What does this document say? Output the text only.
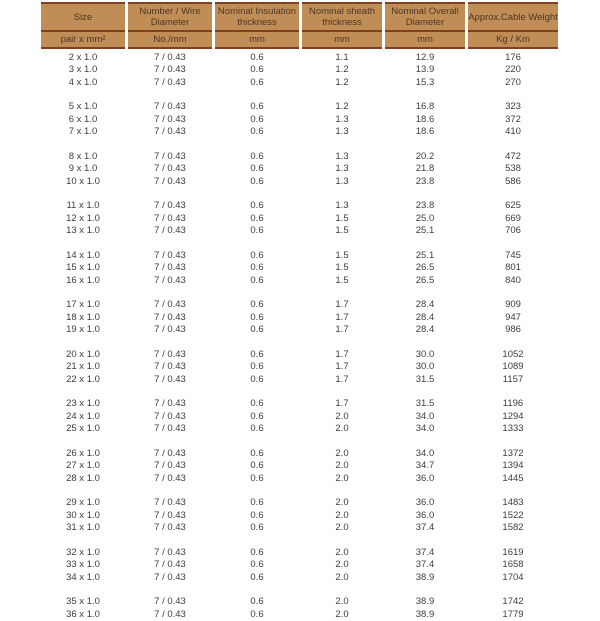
Size	Number / Wire Diameter	Nominal Insulation thickness	Nominal sheath thickness	Nominal Overall Diameter	Approx.Cable Weight
pair x mm²	No./mm	mm	mm	mm	Kg / Km
2 x 1.0	7 / 0.43	0.6	1.1	12.9	176
3 x 1.0	7 / 0.43	0.6	1.2	13.9	220
4 x 1.0	7 / 0.43	0.6	1.2	15.3	270

5 x 1.0	7 / 0.43	0.6	1.2	16.8	323
6 x 1.0	7 / 0.43	0.6	1.3	18.6	372
7 x 1.0	7 / 0.43	0.6	1.3	18.6	410

8 x 1.0	7 / 0.43	0.6	1.3	20.2	472
9 x 1.0	7 / 0.43	0.6	1.3	21.8	538
10 x 1.0	7 / 0.43	0.6	1.3	23.8	586

11 x 1.0	7 / 0.43	0.6	1.3	23.8	625
12 x 1.0	7 / 0.43	0.6	1.5	25.0	669
13 x 1.0	7 / 0.43	0.6	1.5	25.1	706

14 x 1.0	7 / 0.43	0.6	1.5	25.1	745
15 x 1.0	7 / 0.43	0.6	1.5	26.5	801
16 x 1.0	7 / 0.43	0.6	1.5	26.5	840

17 x 1.0	7 / 0.43	0.6	1.7	28.4	909
18 x 1.0	7 / 0.43	0.6	1.7	28.4	947
19 x 1.0	7 / 0.43	0.6	1.7	28.4	986

20 x 1.0	7 / 0.43	0.6	1.7	30.0	1052
21 x 1.0	7 / 0.43	0.6	1.7	30.0	1089
22 x 1.0	7 / 0.43	0.6	1.7	31.5	1157

23 x 1.0	7 / 0.43	0.6	1.7	31.5	1196
24 x 1.0	7 / 0.43	0.6	2.0	34.0	1294
25 x 1.0	7 / 0.43	0.6	2.0	34.0	1333

26 x 1.0	7 / 0.43	0.6	2.0	34.0	1372
27 x 1.0	7 / 0.43	0.6	2.0	34.7	1394
28 x 1.0	7 / 0.43	0.6	2.0	36.0	1445

29 x 1.0	7 / 0.43	0.6	2.0	36.0	1483
30 x 1.0	7 / 0.43	0.6	2.0	36.0	1522
31 x 1.0	7 / 0.43	0.6	2.0	37.4	1582

32 x 1.0	7 / 0.43	0.6	2.0	37.4	1619
33 x 1.0	7 / 0.43	0.6	2.0	37.4	1658
34 x 1.0	7 / 0.43	0.6	2.0	38.9	1704

35 x 1.0	7 / 0.43	0.6	2.0	38.9	1742
36 x 1.0	7 / 0.43	0.6	2.0	38.9	1779
